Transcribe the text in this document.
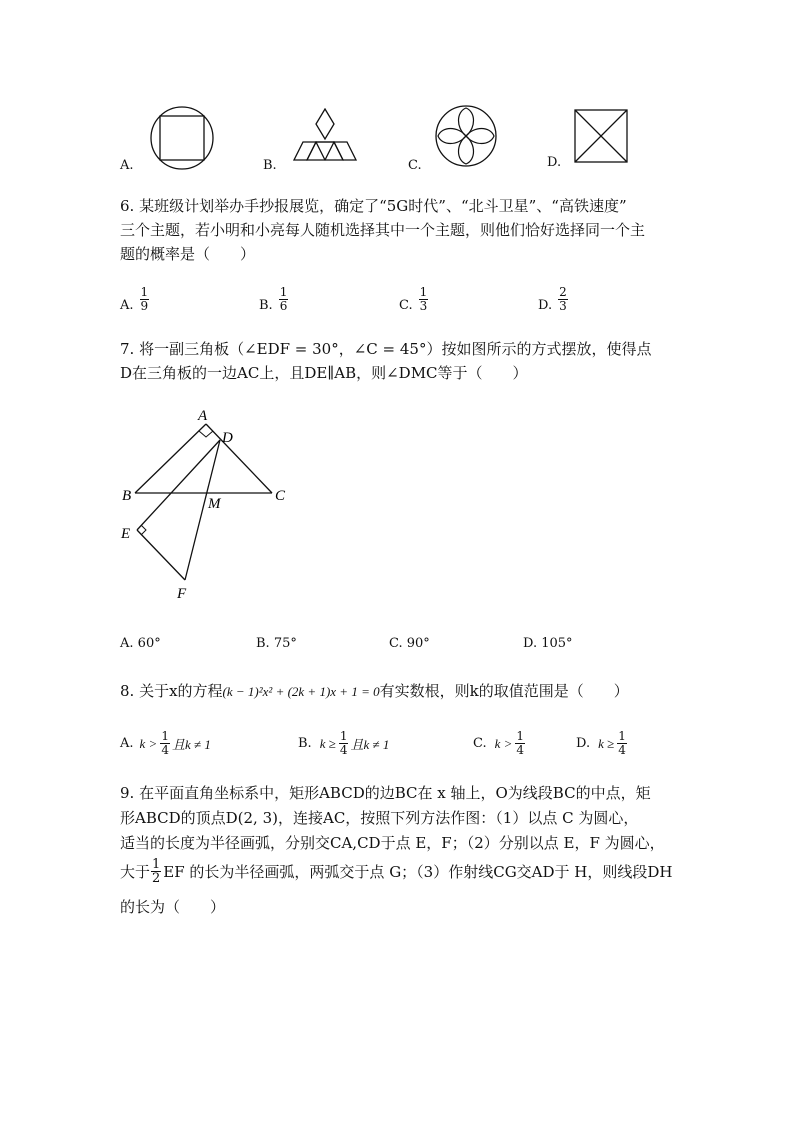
A.	B.	C.	D.
6. 某班级计划举办手抄报展览，确定了“5G时代”、“北斗卫星”、“高铁速度”
三个主题，若小明和小亮每人随机选择其中一个主题，则他们恰好选择同一个主
题的概率是（　　）
A. $\frac{1}{9}$	B. $\frac{1}{6}$	C. $\frac{1}{3}$	D. $\frac{2}{3}$
7. 将一副三角板（∠EDF = 30°，∠C = 45°）按如图所示的方式摆放，使得点
D在三角板的一边AC上，且DE∥AB，则∠DMC等于（　　）
A
D
B	C
M
E
F
A. 60°	B. 75°	C. 90°	D. 105°
8. 关于x的方程(k − 1)²x² + (2k + 1)x + 1 = 0有实数根，则k的取值范围是（　　）
A. $k > \frac{1}{4}$ 且k ≠ 1	B. $k \ge \frac{1}{4}$ 且k ≠ 1	C. $k > \frac{1}{4}$	D. $k \ge \frac{1}{4}$
9. 在平面直角坐标系中，矩形ABCD的边BC在 x 轴上，O为线段BC的中点，矩
形ABCD的顶点D(2, 3)，连接AC，按照下列方法作图：（1）以点 C 为圆心，
适当的长度为半径画弧，分别交CA,CD于点 E，F；（2）分别以点 E，F 为圆心，
大于 $\frac{1}{2}$ EF 的长为半径画弧，两弧交于点 G；（3）作射线CG交AD于 H，则线段DH
的长为（　　）
